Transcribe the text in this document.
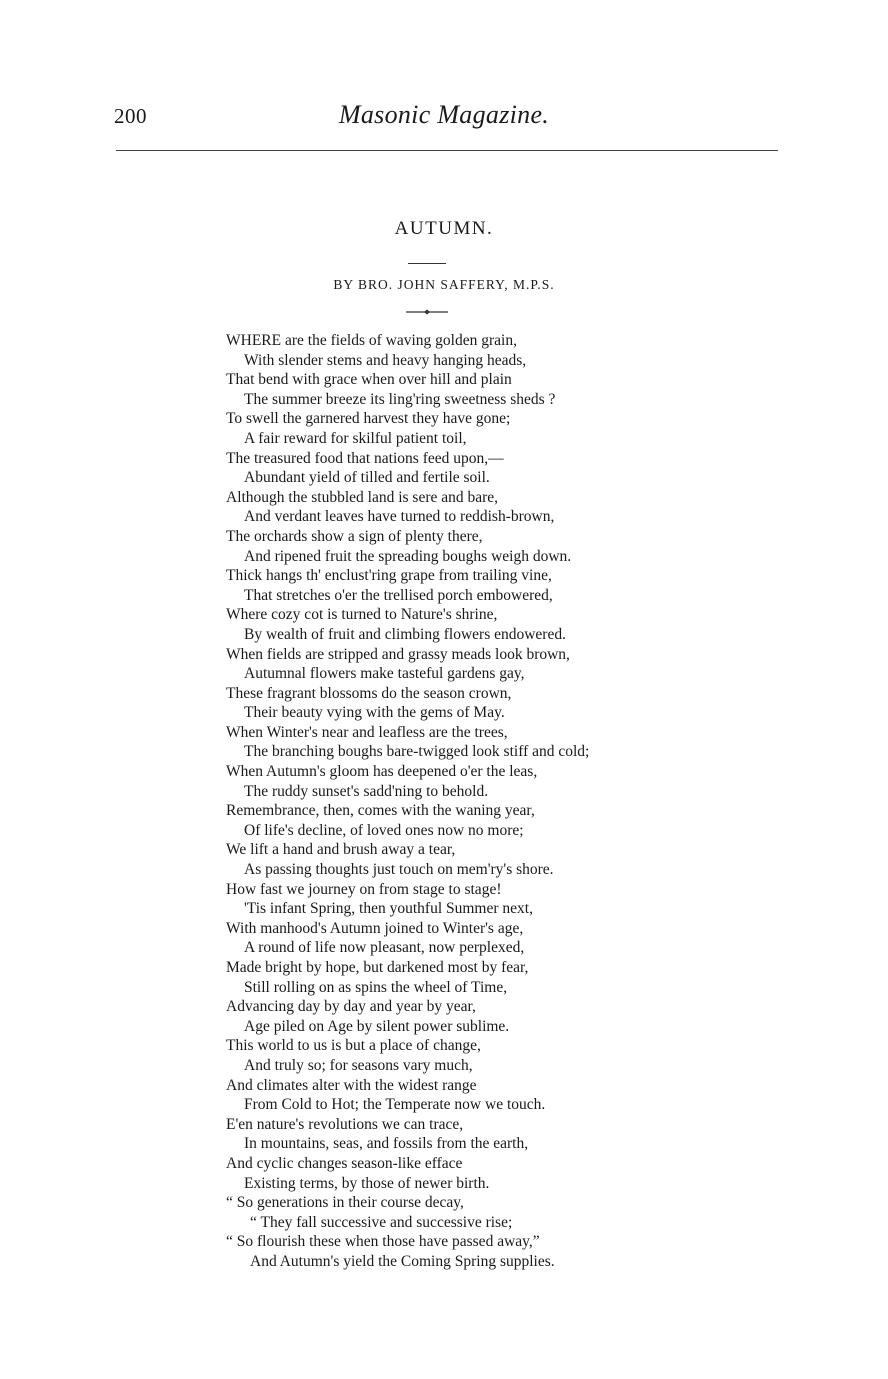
200	Masonic Magazine.
AUTUMN.
BY BRO. JOHN SAFFERY, M.P.S.
WHERE are the fields of waving golden grain,
With slender stems and heavy hanging heads,
That bend with grace when over hill and plain
The summer breeze its ling'ring sweetness sheds ?
To swell the garnered harvest they have gone;
A fair reward for skilful patient toil,
The treasured food that nations feed upon,—
Abundant yield of tilled and fertile soil.
Although the stubbled land is sere and bare,
And verdant leaves have turned to reddish-brown,
The orchards show a sign of plenty there,
And ripened fruit the spreading boughs weigh down.
Thick hangs th' enclust'ring grape from trailing vine,
That stretches o'er the trellised porch embowered,
Where cozy cot is turned to Nature's shrine,
By wealth of fruit and climbing flowers endowered.
When fields are stripped and grassy meads look brown,
Autumnal flowers make tasteful gardens gay,
These fragrant blossoms do the season crown,
Their beauty vying with the gems of May.
When Winter's near and leafless are the trees,
The branching boughs bare-twigged look stiff and cold;
When Autumn's gloom has deepened o'er the leas,
The ruddy sunset's sadd'ning to behold.
Remembrance, then, comes with the waning year,
Of life's decline, of loved ones now no more;
We lift a hand and brush away a tear,
As passing thoughts just touch on mem'ry's shore.
How fast we journey on from stage to stage!
'Tis infant Spring, then youthful Summer next,
With manhood's Autumn joined to Winter's age,
A round of life now pleasant, now perplexed,
Made bright by hope, but darkened most by fear,
Still rolling on as spins the wheel of Time,
Advancing day by day and year by year,
Age piled on Age by silent power sublime.
This world to us is but a place of change,
And truly so; for seasons vary much,
And climates alter with the widest range
From Cold to Hot; the Temperate now we touch.
E'en nature's revolutions we can trace,
In mountains, seas, and fossils from the earth,
And cyclic changes season-like efface
Existing terms, by those of newer birth.
“ So generations in their course decay,
“ They fall successive and successive rise;
“ So flourish these when those have passed away,”
And Autumn's yield the Coming Spring supplies.
